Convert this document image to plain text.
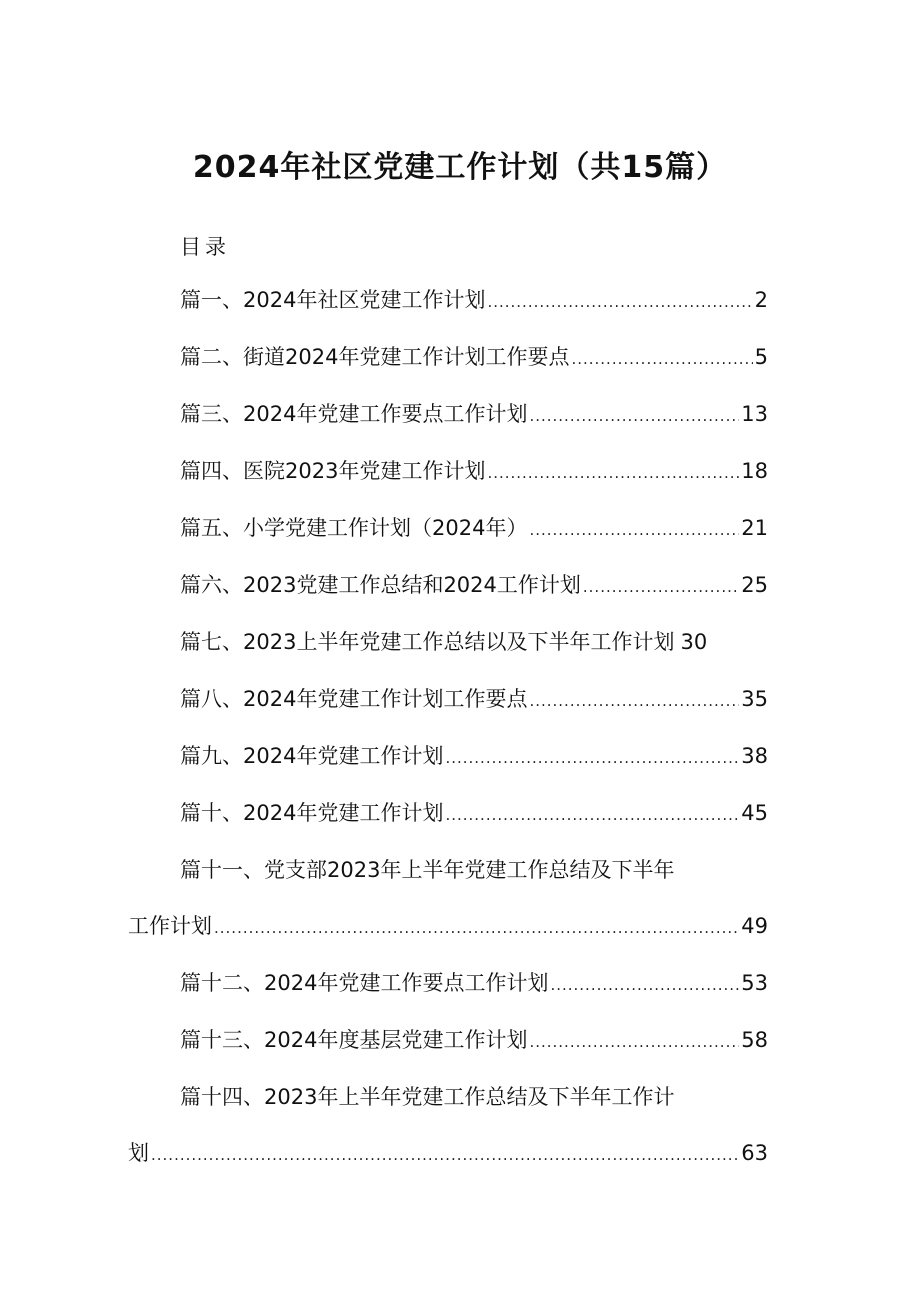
2024年社区党建工作计划（共15篇）
目录
篇一、2024年社区党建工作计划 .....	2
篇二、街道2024年党建工作计划工作要点 .....	5
篇三、2024年党建工作要点工作计划 .....	13
篇四、医院2023年党建工作计划 .....	18
篇五、小学党建工作计划（2024年） .....	21
篇六、2023党建工作总结和2024工作计划 .....	25
篇七、2023上半年党建工作总结以及下半年工作计划 30
篇八、2024年党建工作计划工作要点 .....	35
篇九、2024年党建工作计划 .....	38
篇十、2024年党建工作计划 .....	45
篇十一、党支部2023年上半年党建工作总结及下半年
工作计划 .....	49
篇十二、2024年党建工作要点工作计划 .....	53
篇十三、2024年度基层党建工作计划 .....	58
篇十四、2023年上半年党建工作总结及下半年工作计
划 .....	63
